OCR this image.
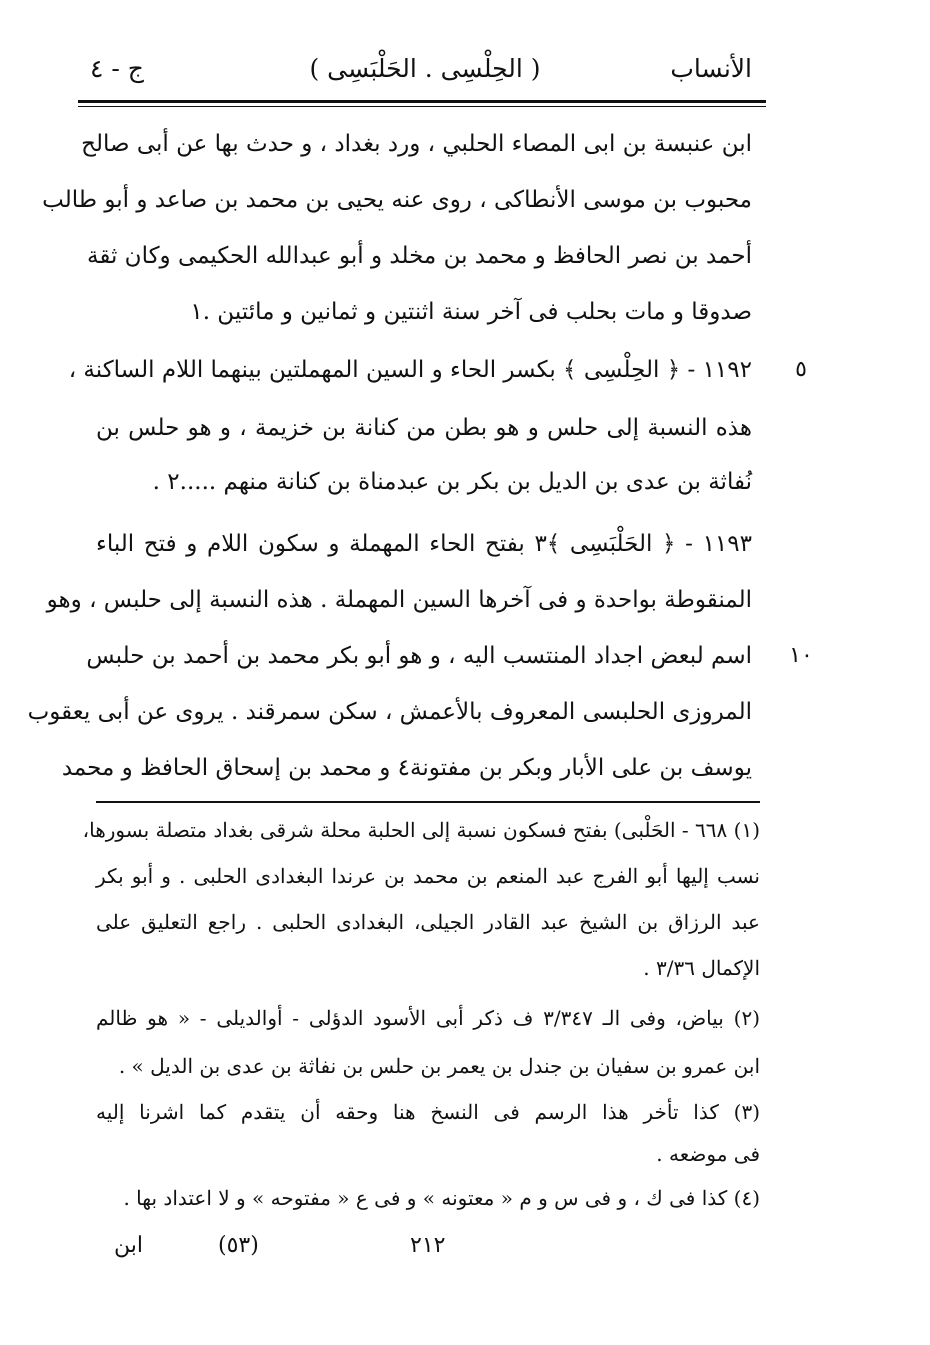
الأنساب
( الحِلْسِى . الحَلْبَسِى )
ج - ٤
ابن عنبسة بن ابى المصاء الحلبي ، ورد بغداد ، و حدث بها عن أبى صالح
محبوب بن موسى الأنطاكى ، روى عنه يحيى بن محمد بن صاعد و أبو طالب
أحمد بن نصر الحافظ و محمد بن مخلد و أبو عبدالله الحكيمى وكان ثقة
صدوقا و مات بحلب فى آخر سنة اثنتين و ثمانين و مائتين .١
٥
١١٩٢ - ﴿ الحِلْسِى ﴾ بكسر الحاء و السين المهملتين بينهما اللام الساكنة ،
هذه النسبة إلى حلس و هو بطن من كنانة بن خزيمة ، و هو حلس بن
نُفاثة بن عدى بن الديل بن بكر بن عبدمناة بن كنانة منهم .....٢ .
١١٩٣ - ﴿ الحَلْبَسِى ﴾٣ بفتح الحاء المهملة و سكون اللام و فتح الباء
المنقوطة بواحدة و فى آخرها السين المهملة . هذه النسبة إلى حلبس ، وهو
١٠
اسم لبعض اجداد المنتسب اليه ، و هو أبو بكر محمد بن أحمد بن حلبس
المروزى الحلبسى المعروف بالأعمش ، سكن سمرقند . يروى عن أبى يعقوب
يوسف بن على الأبار وبكر بن مفتونة٤ و محمد بن إسحاق الحافظ و محمد
(١) ٦٦٨ - الحَلْبى) بفتح فسكون نسبة إلى الحلبة محلة شرقى بغداد متصلة بسورها،
نسب إليها أبو الفرج عبد المنعم بن محمد بن عرندا البغدادى الحلبى . و أبو بكر
عبد الرزاق بن الشيخ عبد القادر الجيلى، البغدادى الحلبى . راجع التعليق على
الإكمال ٣/٣٦ .
(٢) بياض، وفى الـ ٣/٣٤٧ ف ذكر أبى الأسود الدؤلى - أوالديلى - « هو ظالم
ابن عمرو بن سفيان بن جندل بن يعمر بن حلس بن نفاثة بن عدى بن الديل » .
(٣) كذا تأخر هذا الرسم فى النسخ هنا وحقه أن يتقدم كما اشرنا إليه
فى موضعه .
(٤) كذا فى ك ، و فى س و م « معتونه » و فى ع « مفتوحه » و لا اعتداد بها .
٢١٢
(٥٣)
ابن
